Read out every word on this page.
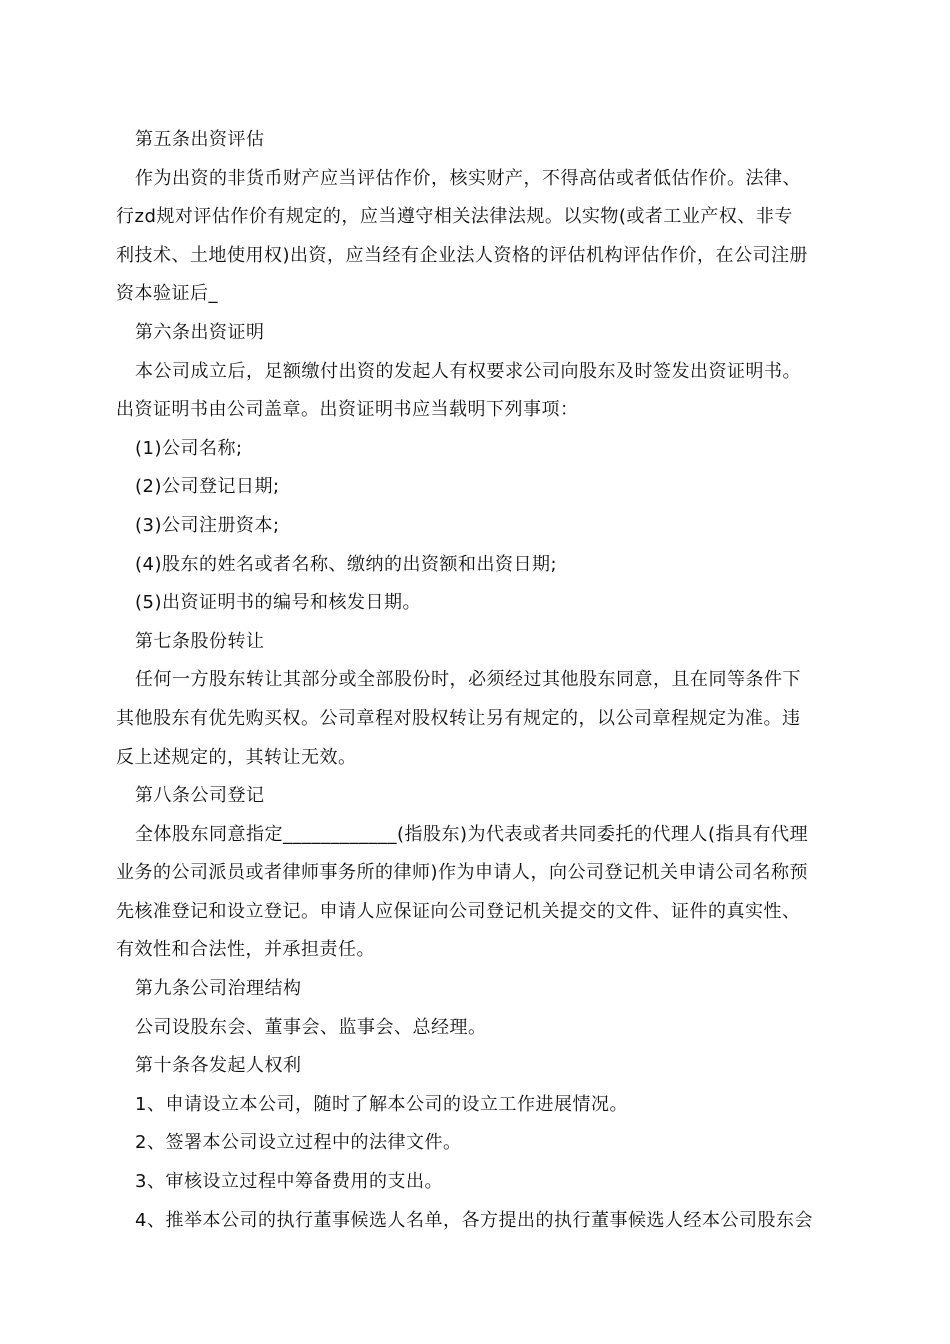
第五条出资评估
作为出资的非货币财产应当评估作价，核实财产，不得高估或者低估作价。法律、
行zd规对评估作价有规定的，应当遵守相关法律法规。以实物(或者工业产权、非专
利技术、土地使用权)出资，应当经有企业法人资格的评估机构评估作价，在公司注册
资本验证后_
第六条出资证明
本公司成立后，足额缴付出资的发起人有权要求公司向股东及时签发出资证明书。
出资证明书由公司盖章。出资证明书应当载明下列事项：
(1)公司名称;
(2)公司登记日期;
(3)公司注册资本;
(4)股东的姓名或者名称、缴纳的出资额和出资日期;
(5)出资证明书的编号和核发日期。
第七条股份转让
任何一方股东转让其部分或全部股份时，必须经过其他股东同意，且在同等条件下
其他股东有优先购买权。公司章程对股权转让另有规定的，以公司章程规定为准。违
反上述规定的，其转让无效。
第八条公司登记
全体股东同意指定____________(指股东)为代表或者共同委托的代理人(指具有代理
业务的公司派员或者律师事务所的律师)作为申请人，向公司登记机关申请公司名称预
先核准登记和设立登记。申请人应保证向公司登记机关提交的文件、证件的真实性、
有效性和合法性，并承担责任。
第九条公司治理结构
公司设股东会、董事会、监事会、总经理。
第十条各发起人权利
1、申请设立本公司，随时了解本公司的设立工作进展情况。
2、签署本公司设立过程中的法律文件。
3、审核设立过程中筹备费用的支出。
4、推举本公司的执行董事候选人名单，各方提出的执行董事候选人经本公司股东会
